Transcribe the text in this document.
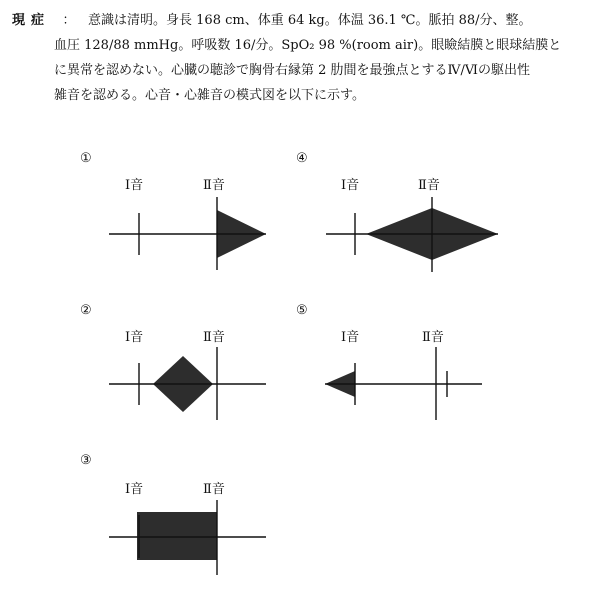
現症 ： 意識は清明。身長 168 cm、体重 64 kg。体温 36.1 ℃。脈拍 88/分、整。
血圧 128/88 mmHg。呼吸数 16/分。SpO₂ 98 %(room air)。眼瞼結膜と眼球結膜と
に異常を認めない。心臓の聴診で胸骨右縁第 2 肋間を最強点とするⅣ/Ⅵの駆出性
雑音を認める。心音・心雑音の模式図を以下に示す。
①
Ⅰ音	Ⅱ音
④
Ⅰ音	Ⅱ音
②
Ⅰ音	Ⅱ音
⑤
Ⅰ音	Ⅱ音
③
Ⅰ音	Ⅱ音
